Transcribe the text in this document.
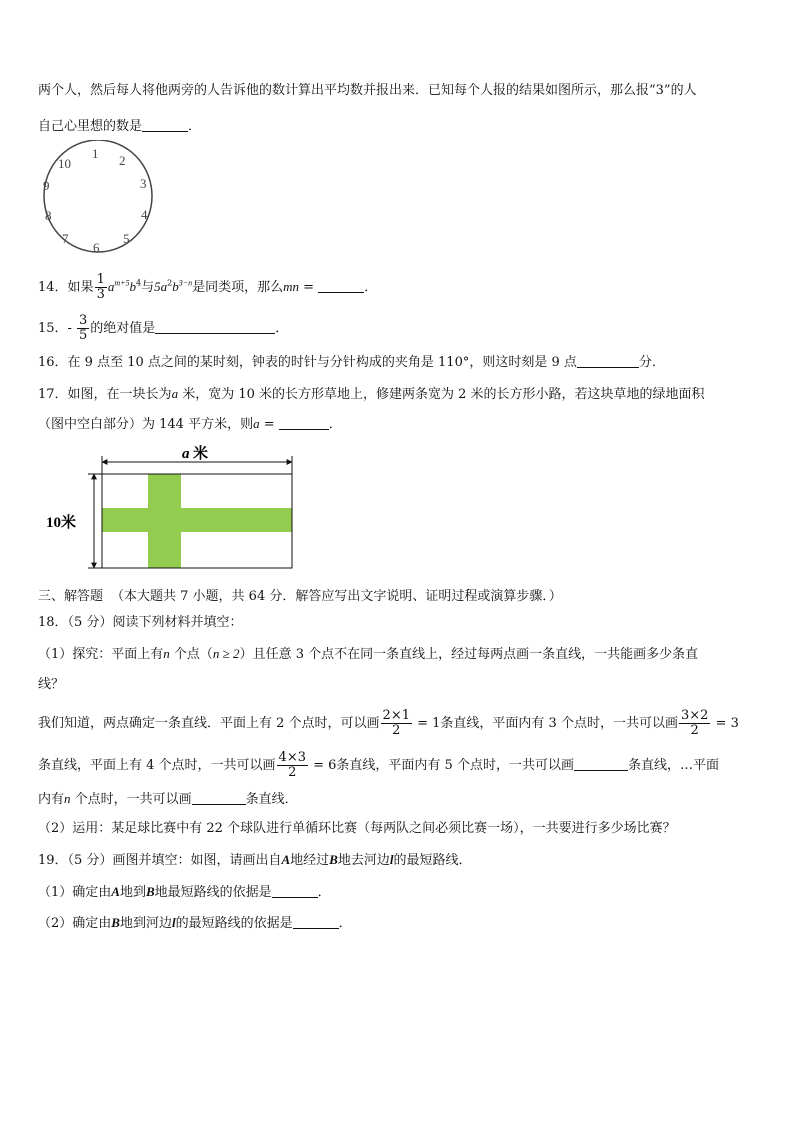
两个人，然后每人将他两旁的人告诉他的数计算出平均数并报出来．已知每个人报的结果如图所示，那么报“3”的人
自己心里想的数是	．
1 2
3
4
5
6
7
8
9
10
14．如果 $\frac{1}{3} a^{m+5}b^4$与$5a^2b^{3-n}$是同类项，那么mn =	．
15．- $\frac{3}{5}$ 的绝对值是	．
16．在 9 点至 10 点之间的某时刻，钟表的时针与分针构成的夹角是 110°，则这时刻是 9 点	分．
17．如图，在一块长为a 米，宽为 10 米的长方形草地上，修建两条宽为 2 米的长方形小路，若这块草地的绿地面积
（图中空白部分）为 144 平方米，则a =	．
a 米
10米
三、解答题 （本大题共 7 小题，共 64 分．解答应写出文字说明、证明过程或演算步骤．）
18．（5 分）阅读下列材料并填空：
（1）探究：平面上有n 个点（n ≥ 2）且任意 3 个点不在同一条直线上，经过每两点画一条直线，一共能画多少条直
线？
我们知道，两点确定一条直线．平面上有 2 个点时，可以画 $\frac{2\times 1}{2} = 1$条直线，平面内有 3 个点时，一共可以画 $\frac{3\times 2}{2} = 3$
条直线，平面上有 4 个点时，一共可以画 $\frac{4\times 3}{2} = 6$条直线，平面内有 5 个点时，一共可以画	条直线，…平面
内有n 个点时，一共可以画	条直线．
（2）运用：某足球比赛中有 22 个球队进行单循环比赛（每两队之间必须比赛一场），一共要进行多少场比赛？
19．（5 分）画图并填空：如图，请画出自A地经过B地去河边l的最短路线．
（1）确定由A地到B地最短路线的依据是	．
（2）确定由B地到河边l的最短路线的依据是	．
